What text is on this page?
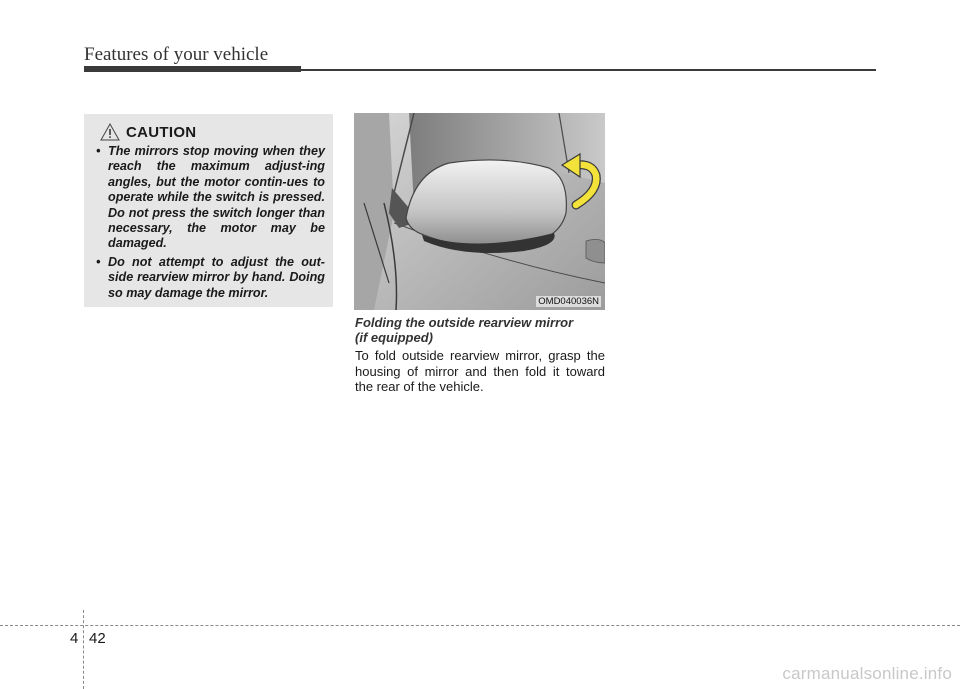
Features of your vehicle
CAUTION
• The mirrors stop moving when they reach the maximum adjust-ing angles, but the motor contin-ues to operate while the switch is pressed. Do not press the switch longer than necessary, the motor may be damaged.
• Do not attempt to adjust the out-side rearview mirror by hand. Doing so may damage the mirror.
OMD040036N
Folding the outside rearview mirror
(if equipped)
To fold outside rearview mirror, grasp the housing of mirror and then fold it toward the rear of the vehicle.
4 42
carmanualsonline.info
